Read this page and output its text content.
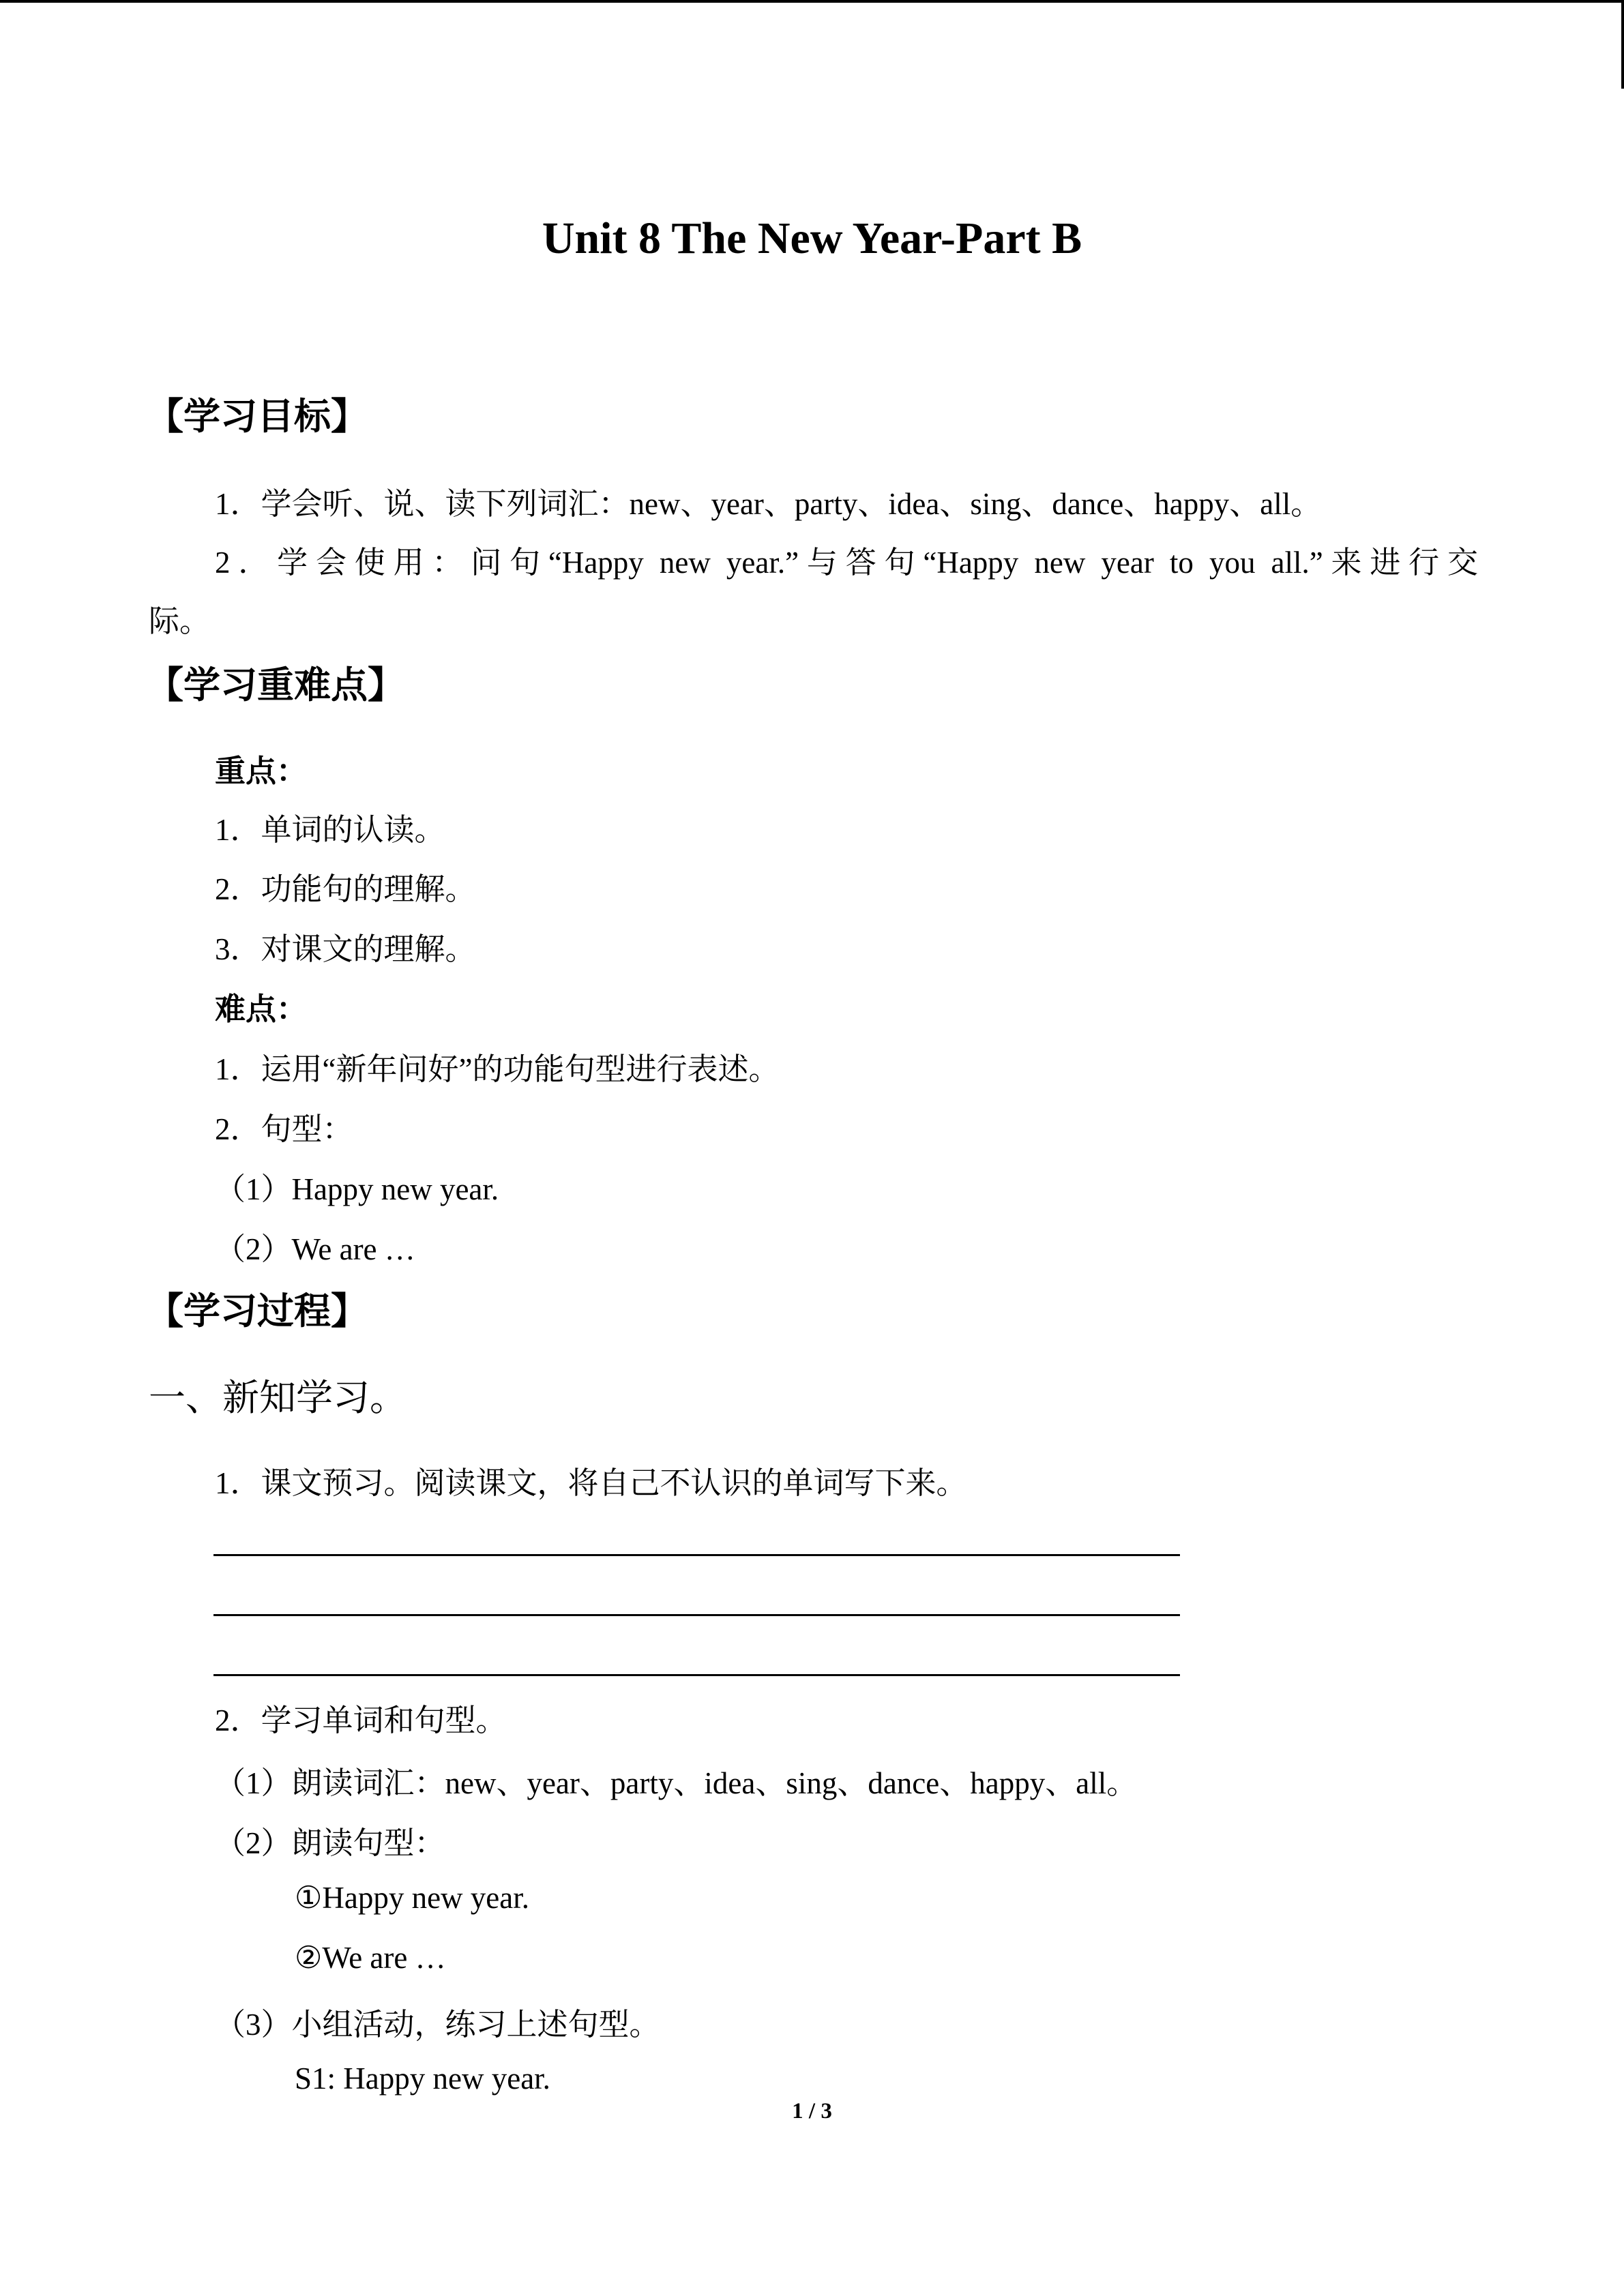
Unit 8 The New Year-Part B
【学习目标】
1．学会听、说、读下列词汇：new、year、party、idea、sing、dance、happy、all。
2．学会使用：问句“Happy new year.”与答句“Happy new year to you all.”来进行交
际。
【学习重难点】
重点：
1．单词的认读。
2．功能句的理解。
3．对课文的理解。
难点：
1．运用“新年问好”的功能句型进行表述。
2．句型：
（1）Happy new year.
（2）We are …
【学习过程】
一、新知学习。
1．课文预习。阅读课文，将自己不认识的单词写下来。
2．学习单词和句型。
（1）朗读词汇：new、year、party、idea、sing、dance、happy、all。
（2）朗读句型：
①Happy new year.
②We are …
（3）小组活动，练习上述句型。
S1: Happy new year.
1 / 3
